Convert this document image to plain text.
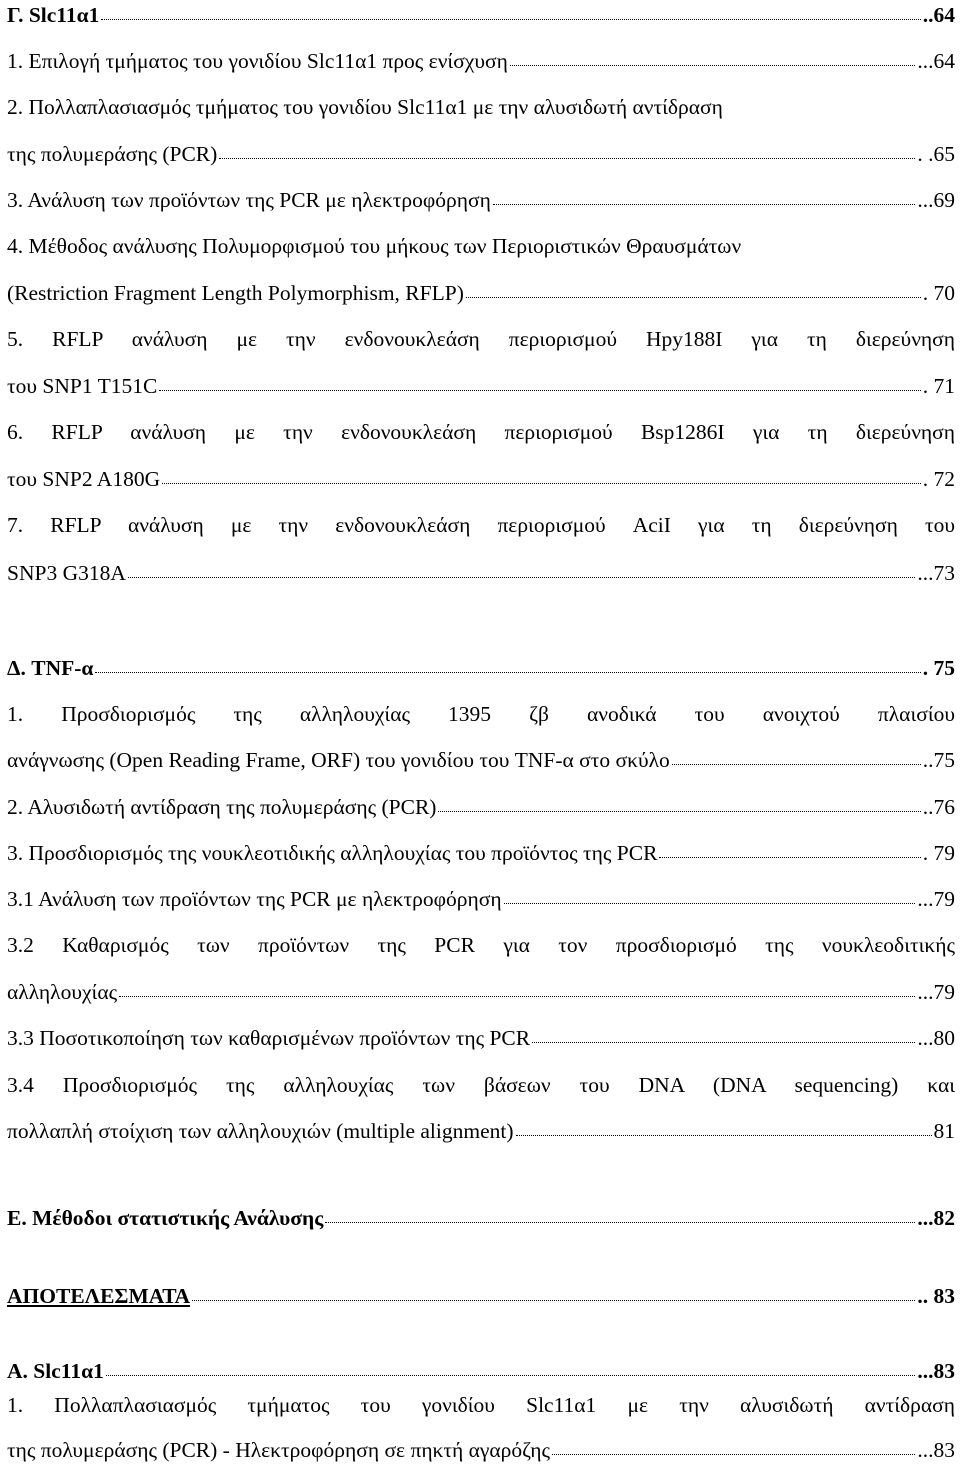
Γ. Slc11α1	..64
1. Επιλογή τμήματος του γονιδίου Slc11α1 προς ενίσχυση	...64
2. Πολλαπλασιασμός τμήματος του γονιδίου Slc11α1 με την αλυσιδωτή αντίδραση
της πολυμεράσης (PCR)	. .65
3. Ανάλυση των προϊόντων της PCR με ηλεκτροφόρηση	...69
4. Μέθοδος ανάλυσης Πολυμορφισμού του μήκους των Περιοριστικών Θραυσμάτων
(Restriction Fragment Length Polymorphism, RFLP)	. 70
5. RFLP ανάλυση με την ενδονουκλεάση περιορισμού Hpy188I για τη διερεύνηση
του SNP1 T151C	. 71
6. RFLP ανάλυση με την ενδονουκλεάση περιορισμού Bsp1286I για τη διερεύνηση
του SNP2 A180G	. 72
7. RFLP ανάλυση με την ενδονουκλεάση περιορισμού AciI για τη διερεύνηση του
SNP3 G318A	...73
Δ. TNF-α	. 75
1. Προσδιορισμός της αλληλουχίας 1395 ζβ ανοδικά του ανοιχτού πλαισίου
ανάγνωσης (Open Reading Frame, ORF) του γονιδίου του TNF-α στο σκύλο	..75
2. Αλυσιδωτή αντίδραση της πολυμεράσης (PCR)	..76
3. Προσδιορισμός της νουκλεοτιδικής αλληλουχίας του προϊόντος της PCR	. 79
3.1 Ανάλυση των προϊόντων της PCR με ηλεκτροφόρηση	...79
3.2 Καθαρισμός των προϊόντων της PCR για τον προσδιορισμό της νουκλεοδιτικής
αλληλουχίας	...79
3.3 Ποσοτικοποίηση των καθαρισμένων προϊόντων της PCR	...80
3.4 Προσδιορισμός της αλληλουχίας των βάσεων του DNA (DNA sequencing) και
πολλαπλή στοίχιση των αλληλουχιών (multiple alignment)	81
Ε. Μέθοδοι στατιστικής Ανάλυσης	...82
ΑΠΟΤΕΛΕΣΜΑΤΑ	.. 83
Α. Slc11α1	...83
1. Πολλαπλασιασμός τμήματος του γονιδίου Slc11α1 με την αλυσιδωτή αντίδραση
της πολυμεράσης (PCR) - Ηλεκτροφόρηση σε πηκτή αγαρόζης	...83
